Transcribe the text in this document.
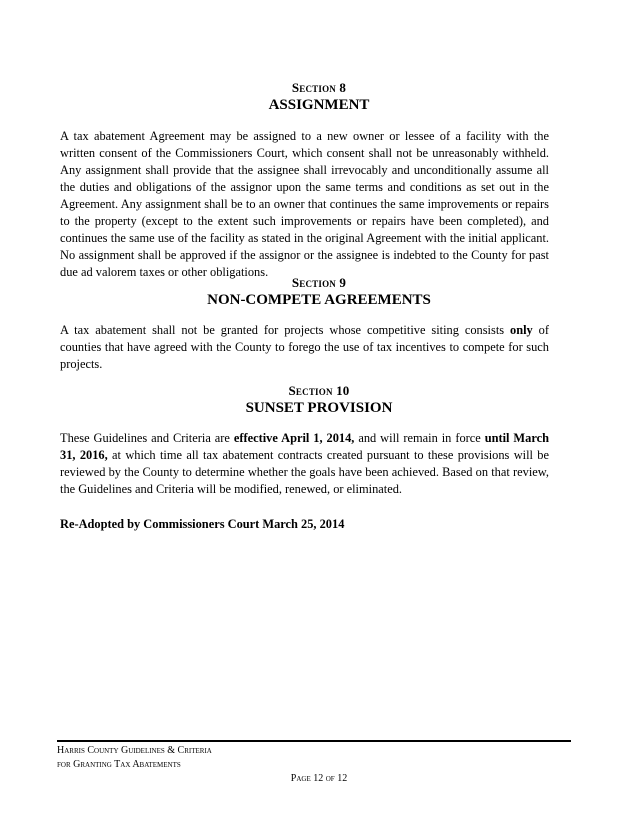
Section 8
ASSIGNMENT
A tax abatement Agreement may be assigned to a new owner or lessee of a facility with the written consent of the Commissioners Court, which consent shall not be unreasonably withheld. Any assignment shall provide that the assignee shall irrevocably and unconditionally assume all the duties and obligations of the assignor upon the same terms and conditions as set out in the Agreement. Any assignment shall be to an owner that continues the same improvements or repairs to the property (except to the extent such improvements or repairs have been completed), and continues the same use of the facility as stated in the original Agreement with the initial applicant. No assignment shall be approved if the assignor or the assignee is indebted to the County for past due ad valorem taxes or other obligations.
Section 9
NON-COMPETE AGREEMENTS
A tax abatement shall not be granted for projects whose competitive siting consists only of counties that have agreed with the County to forego the use of tax incentives to compete for such projects.
Section 10
SUNSET PROVISION
These Guidelines and Criteria are effective April 1, 2014, and will remain in force until March 31, 2016, at which time all tax abatement contracts created pursuant to these provisions will be reviewed by the County to determine whether the goals have been achieved. Based on that review, the Guidelines and Criteria will be modified, renewed, or eliminated.
Re-Adopted by Commissioners Court March 25, 2014
Harris County Guidelines & Criteria
for Granting Tax Abatements
Page 12 of 12
